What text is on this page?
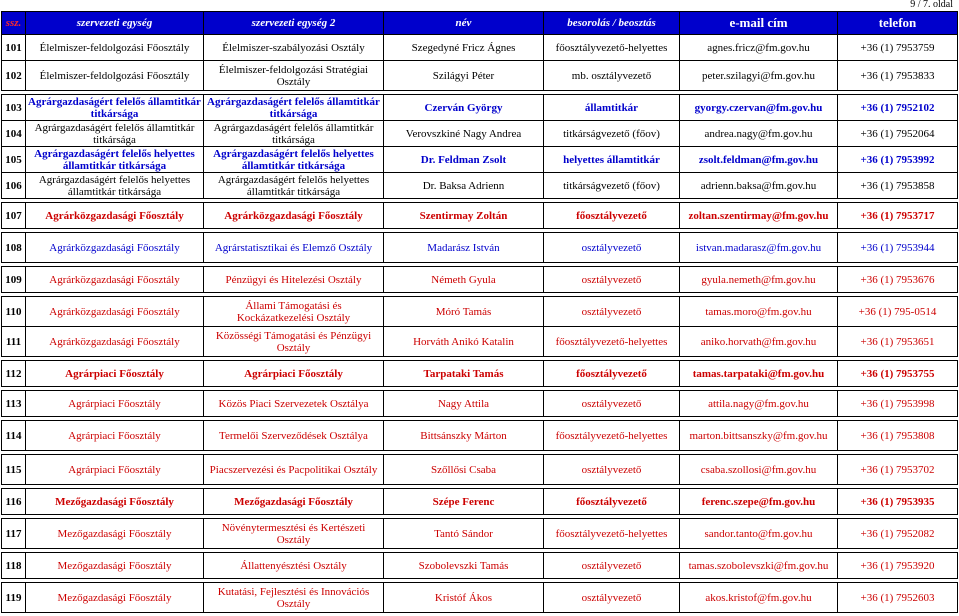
9 / 7. oldal
ssz.	szervezeti egység	szervezeti egység 2	név	besorolás / beosztás	e-mail cím	telefon
101	Élelmiszer-feldolgozási Főosztály	Élelmiszer-szabályozási Osztály	Szegedyné Fricz Ágnes	főosztályvezető-helyettes	agnes.fricz@fm.gov.hu	+36 (1) 7953759
102	Élelmiszer-feldolgozási Főosztály	Élelmiszer-feldolgozási Stratégiai Osztály	Szilágyi Péter	mb. osztályvezető	peter.szilagyi@fm.gov.hu	+36 (1) 7953833

103	Agrárgazdaságért felelős államtitkár titkársága	Agrárgazdaságért felelős államtitkár titkársága	Czerván György	államtitkár	gyorgy.czervan@fm.gov.hu	+36 (1) 7952102
104	Agrárgazdaságért felelős államtitkár titkársága	Agrárgazdaságért felelős államtitkár titkársága	Verovszkiné Nagy Andrea	titkárságvezető (főov)	andrea.nagy@fm.gov.hu	+36 (1) 7952064
105	Agrárgazdaságért felelős helyettes államtitkár titkársága	Agrárgazdaságért felelős helyettes államtitkár titkársága	Dr. Feldman Zsolt	helyettes államtitkár	zsolt.feldman@fm.gov.hu	+36 (1) 7953992
106	Agrárgazdaságért felelős helyettes államtitkár titkársága	Agrárgazdaságért felelős helyettes államtitkár titkársága	Dr. Baksa Adrienn	titkárságvezető (főov)	adrienn.baksa@fm.gov.hu	+36 (1) 7953858

107	Agrárközgazdasági Főosztály	Agrárközgazdasági Főosztály	Szentirmay Zoltán	főosztályvezető	zoltan.szentirmay@fm.gov.hu	+36 (1) 7953717

108	Agrárközgazdasági Főosztály	Agrárstatisztikai és Elemző Osztály	Madarász István	osztályvezető	istvan.madarasz@fm.gov.hu	+36 (1) 7953944

109	Agrárközgazdasági Főosztály	Pénzügyi és Hitelezési Osztály	Németh Gyula	osztályvezető	gyula.nemeth@fm.gov.hu	+36 (1) 7953676

110	Agrárközgazdasági Főosztály	Állami Támogatási és Kockázatkezelési Osztály	Móró Tamás	osztályvezető	tamas.moro@fm.gov.hu	+36 (1) 795-0514
111	Agrárközgazdasági Főosztály	Közösségi Támogatási és Pénzügyi Osztály	Horváth Anikó Katalin	főosztályvezető-helyettes	aniko.horvath@fm.gov.hu	+36 (1) 7953651

112	Agrárpiaci Főosztály	Agrárpiaci Főosztály	Tarpataki Tamás	főosztályvezető	tamas.tarpataki@fm.gov.hu	+36 (1) 7953755

113	Agrárpiaci Főosztály	Közös Piaci Szervezetek Osztálya	Nagy Attila	osztályvezető	attila.nagy@fm.gov.hu	+36 (1) 7953998

114	Agrárpiaci Főosztály	Termelői Szerveződések Osztálya	Bittsánszky Márton	főosztályvezető-helyettes	marton.bittsanszky@fm.gov.hu	+36 (1) 7953808

115	Agrárpiaci Főosztály	Piacszervezési és Pacpolitikai Osztály	Szőllősi Csaba	osztályvezető	csaba.szollosi@fm.gov.hu	+36 (1) 7953702

116	Mezőgazdasági Főosztály	Mezőgazdasági Főosztály	Szépe Ferenc	főosztályvezető	ferenc.szepe@fm.gov.hu	+36 (1) 7953935

117	Mezőgazdasági Főosztály	Növénytermesztési és Kertészeti Osztály	Tantó Sándor	főosztályvezető-helyettes	sandor.tanto@fm.gov.hu	+36 (1) 7952082

118	Mezőgazdasági Főosztály	Állattenyésztési Osztály	Szobolevszki Tamás	osztályvezető	tamas.szobolevszki@fm.gov.hu	+36 (1) 7953920

119	Mezőgazdasági Főosztály	Kutatási, Fejlesztési és Innovációs Osztály	Kristóf Ákos	osztályvezető	akos.kristof@fm.gov.hu	+36 (1) 7952603
